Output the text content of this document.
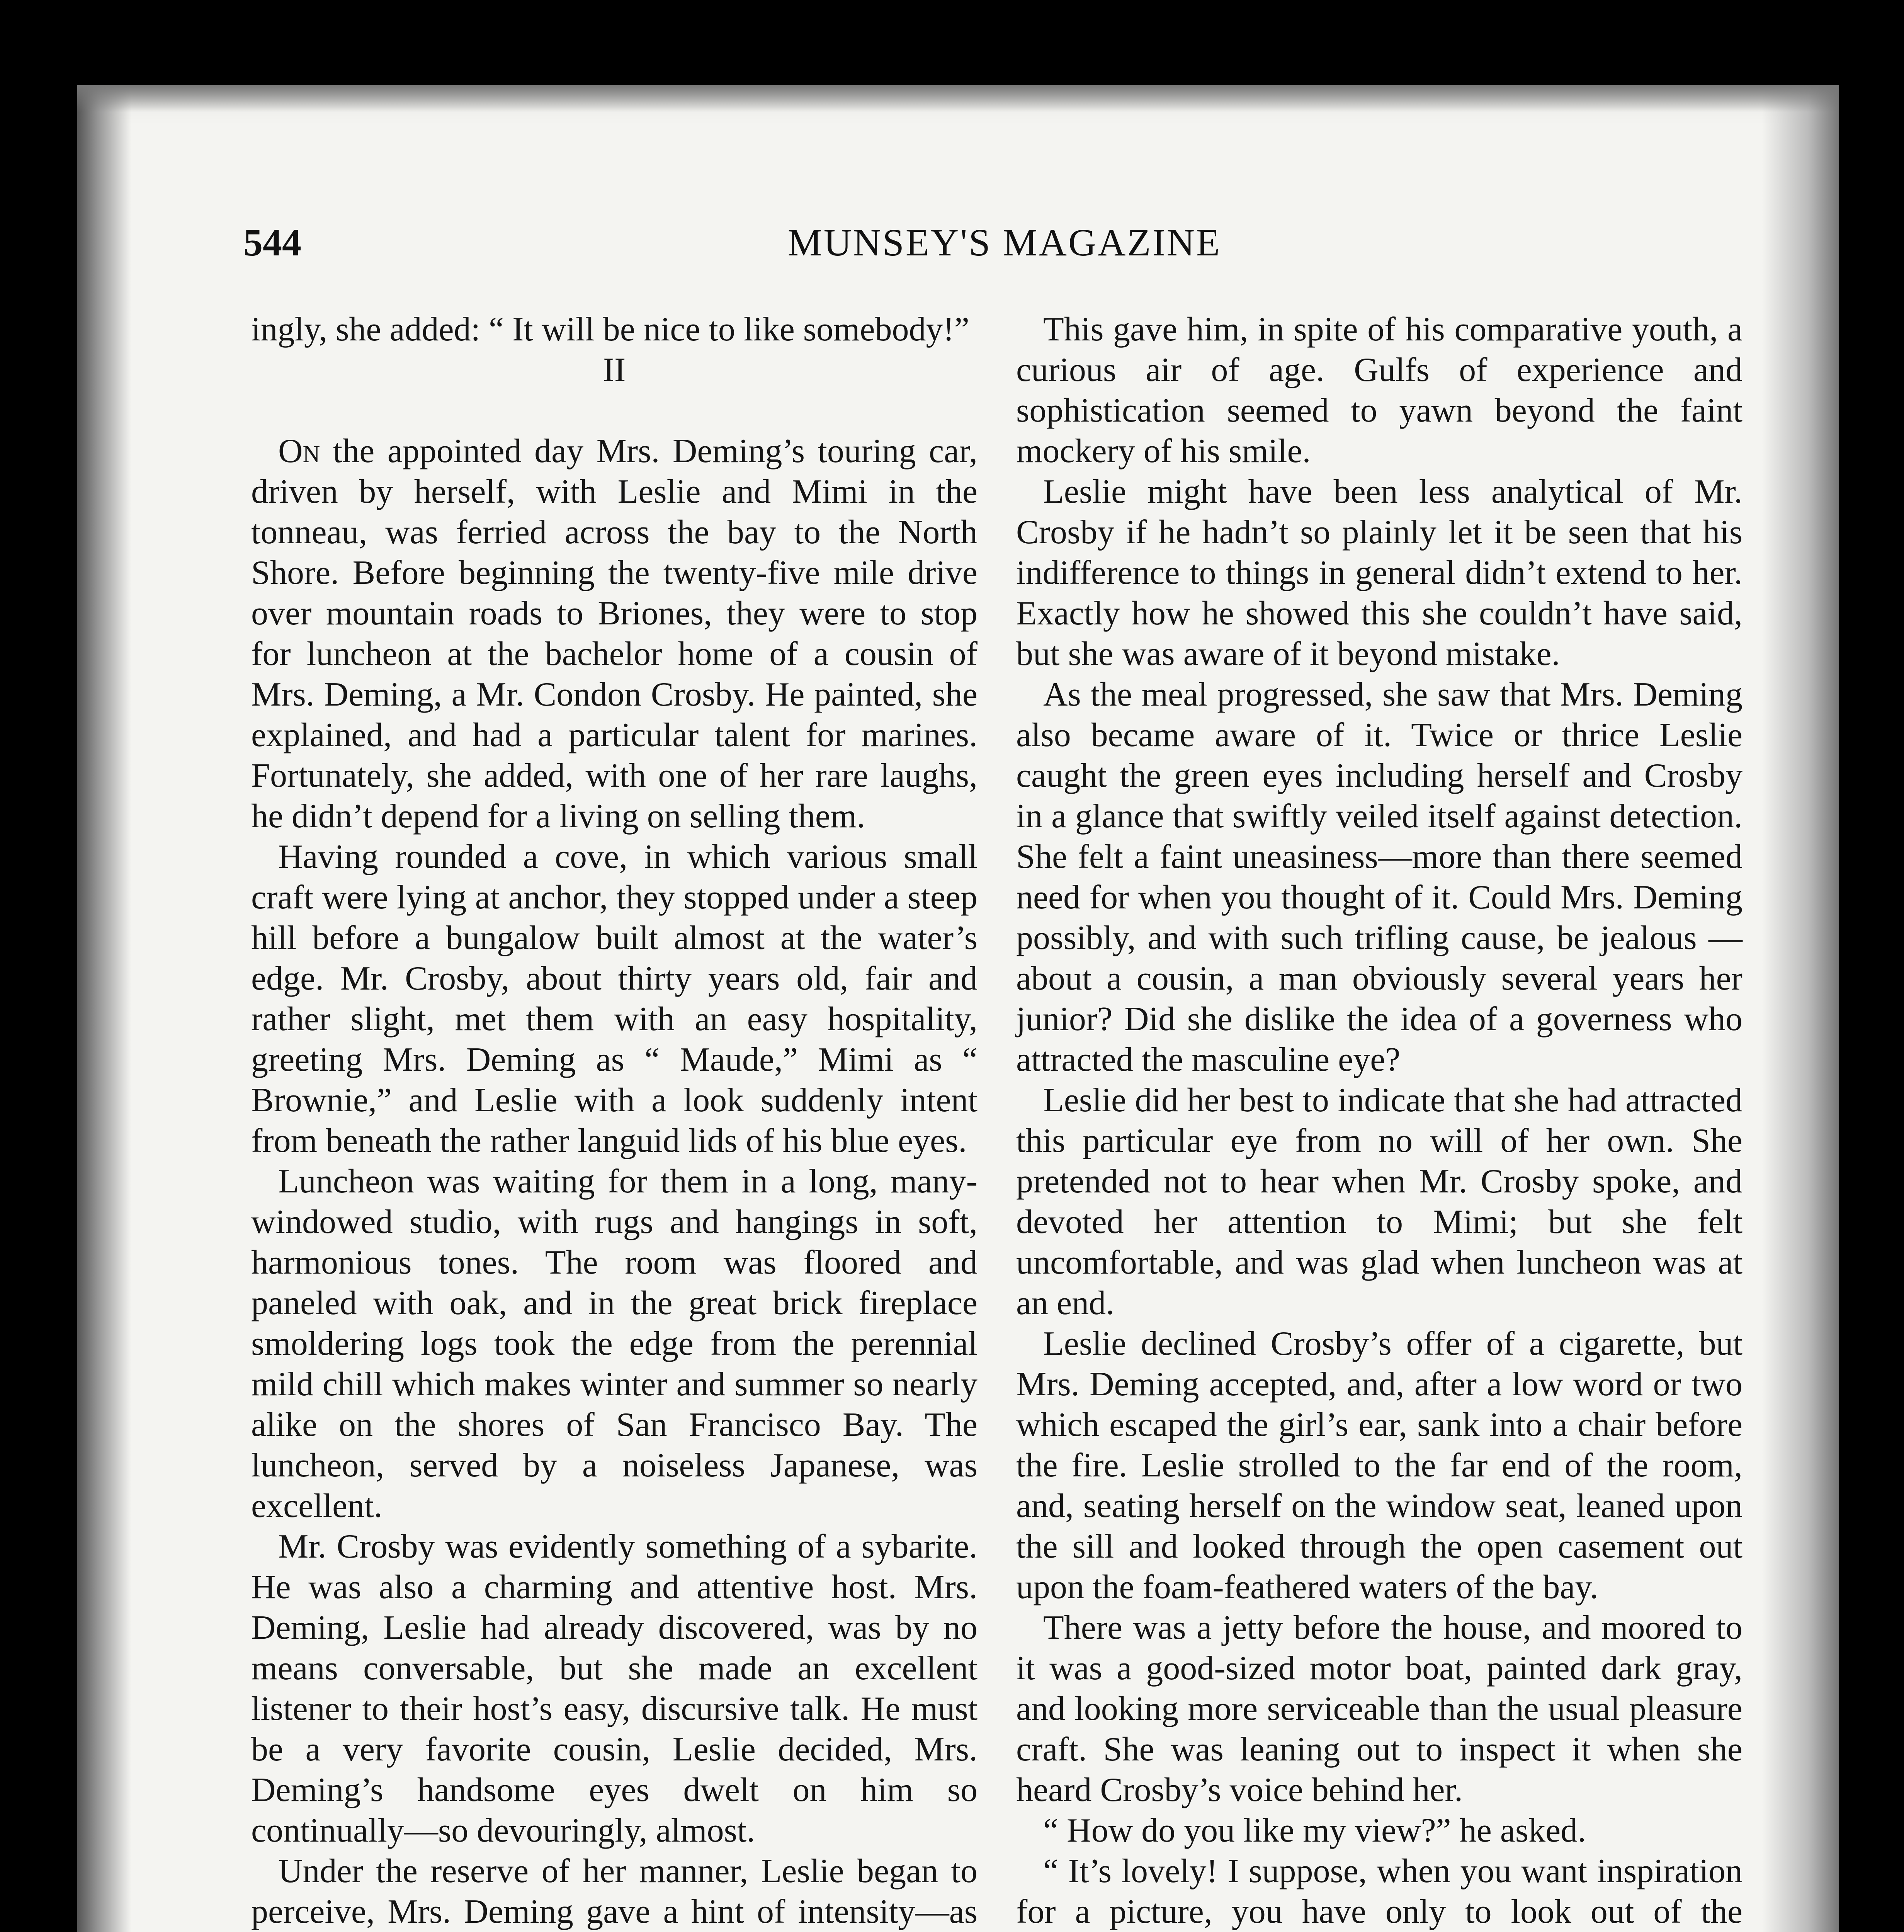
544	MUNSEY'S MAGAZINE

ingly, she added: “ It will be nice to like somebody!”

II

On the appointed day Mrs. Deming’s touring car, driven by herself, with Leslie and Mimi in the tonneau, was ferried across the bay to the North Shore. Before beginning the twenty-five mile drive over mountain roads to Briones, they were to stop for luncheon at the bachelor home of a cousin of Mrs. Deming, a Mr. Condon Crosby. He painted, she explained, and had a particular talent for marines. Fortunately, she added, with one of her rare laughs, he didn’t depend for a living on selling them.

Having rounded a cove, in which various small craft were lying at anchor, they stopped under a steep hill before a bungalow built almost at the water’s edge. Mr. Crosby, about thirty years old, fair and rather slight, met them with an easy hospitality, greeting Mrs. Deming as “ Maude,” Mimi as “ Brownie,” and Leslie with a look suddenly intent from beneath the rather languid lids of his blue eyes.

Luncheon was waiting for them in a long, many-windowed studio, with rugs and hangings in soft, harmonious tones. The room was floored and paneled with oak, and in the great brick fireplace smoldering logs took the edge from the perennial mild chill which makes winter and summer so nearly alike on the shores of San Francisco Bay. The luncheon, served by a noiseless Japanese, was excellent.

Mr. Crosby was evidently something of a sybarite. He was also a charming and attentive host. Mrs. Deming, Leslie had already discovered, was by no means conversable, but she made an excellent listener to their host’s easy, discursive talk. He must be a very favorite cousin, Leslie decided, Mrs. Deming’s handsome eyes dwelt on him so continually—so devouringly, almost.

Under the reserve of her manner, Leslie began to perceive, Mrs. Deming gave a hint of intensity—as

This gave him, in spite of his comparative youth, a curious air of age. Gulfs of experience and sophistication seemed to yawn beyond the faint mockery of his smile.

Leslie might have been less analytical of Mr. Crosby if he hadn’t so plainly let it be seen that his indifference to things in general didn’t extend to her. Exactly how he showed this she couldn’t have said, but she was aware of it beyond mistake.

As the meal progressed, she saw that Mrs. Deming also became aware of it. Twice or thrice Leslie caught the green eyes including herself and Crosby in a glance that swiftly veiled itself against detection. She felt a faint uneasiness—more than there seemed need for when you thought of it. Could Mrs. Deming possibly, and with such trifling cause, be jealous —about a cousin, a man obviously several years her junior? Did she dislike the idea of a governess who attracted the masculine eye?

Leslie did her best to indicate that she had attracted this particular eye from no will of her own. She pretended not to hear when Mr. Crosby spoke, and devoted her attention to Mimi; but she felt uncomfortable, and was glad when luncheon was at an end.

Leslie declined Crosby’s offer of a cigarette, but Mrs. Deming accepted, and, after a low word or two which escaped the girl’s ear, sank into a chair before the fire. Leslie strolled to the far end of the room, and, seating herself on the window seat, leaned upon the sill and looked through the open casement out upon the foam-feathered waters of the bay.

There was a jetty before the house, and moored to it was a good-sized motor boat, painted dark gray, and looking more serviceable than the usual pleasure craft. She was leaning out to inspect it when she heard Crosby’s voice behind her.

“ How do you like my view?” he asked.

“ It’s lovely! I suppose, when you want inspiration for a picture, you have only to look out of the
